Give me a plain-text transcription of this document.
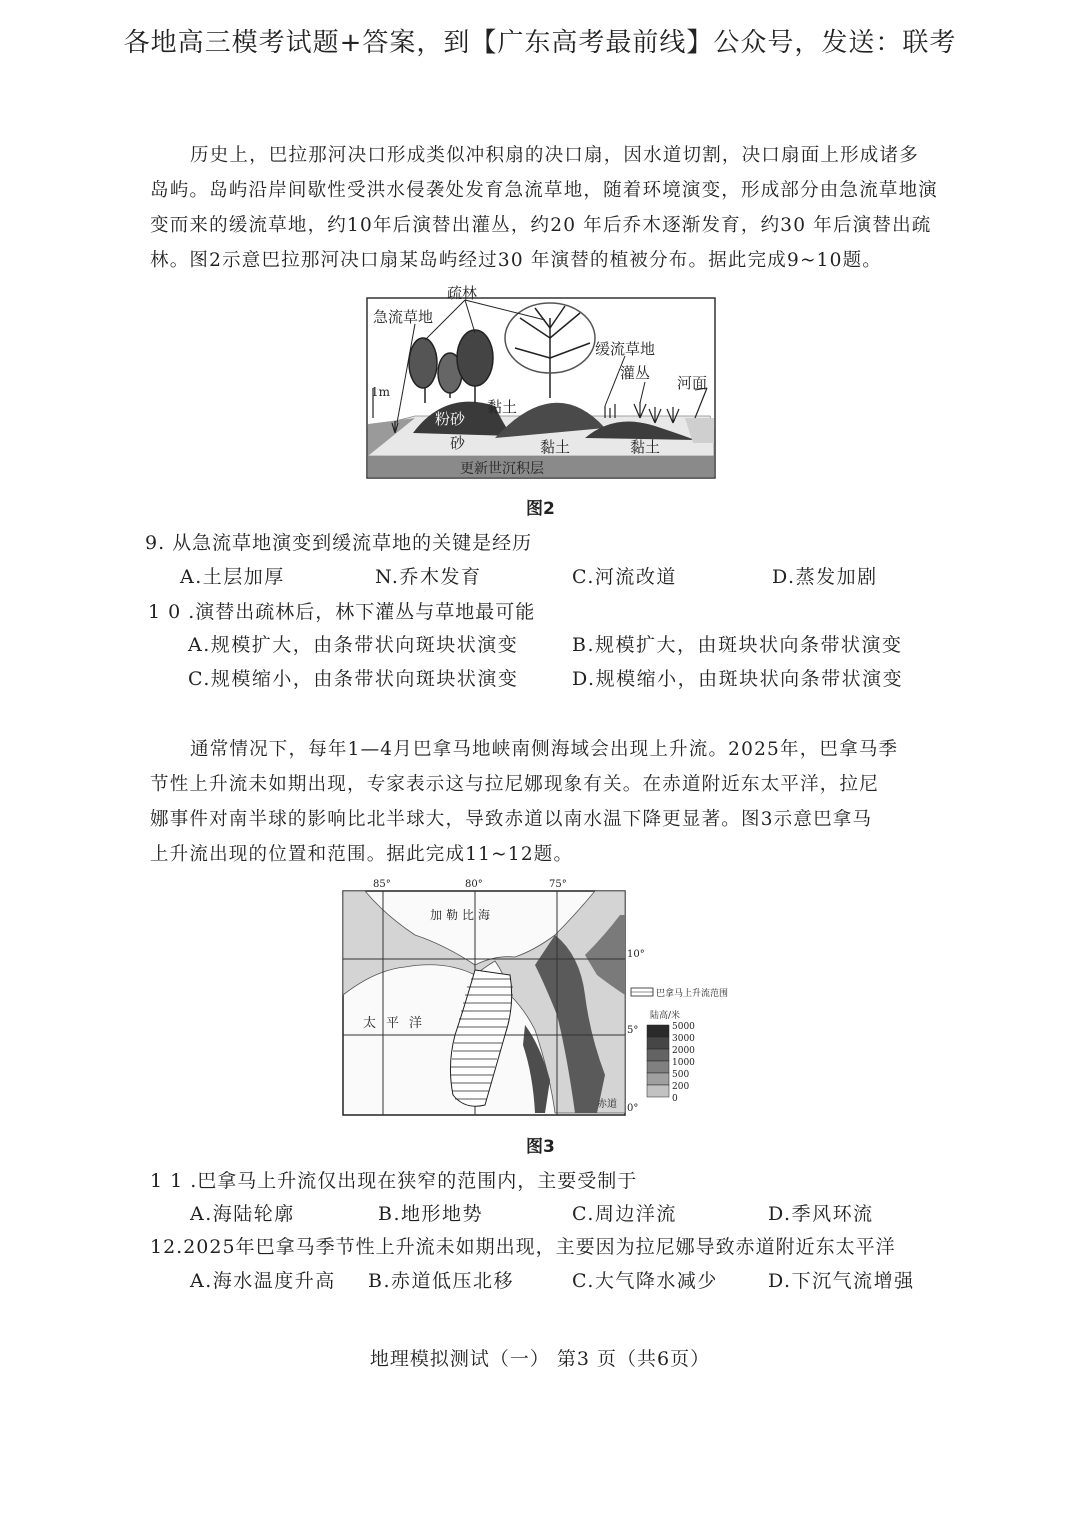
各地高三模考试题+答案，到【广东高考最前线】公众号，发送：联考
历史上，巴拉那河决口形成类似冲积扇的决口扇，因水道切割，决口扇面上形成诸多
岛屿。岛屿沿岸间歇性受洪水侵袭处发育急流草地，随着环境演变，形成部分由急流草地演
变而来的缓流草地，约10年后演替出灌丛，约20 年后乔木逐渐发育，约30 年后演替出疏
林。图2示意巴拉那河决口扇某岛屿经过30 年演替的植被分布。据此完成9~10题。
1m
疏林
急流草地
缓流草地
灌丛
河面
粉砂
黏土
砂	黏土	黏土
更新世沉积层
图2
9. 从急流草地演变到缓流草地的关键是经历
A.土层加厚	N.乔木发育	C.河流改道	D.蒸发加剧
1 0 .演替出疏林后，林下灌丛与草地最可能
A.规模扩大，由条带状向斑块状演变	B.规模扩大，由斑块状向条带状演变
C.规模缩小，由条带状向斑块状演变	D.规模缩小，由斑块状向条带状演变
通常情况下，每年1—4月巴拿马地峡南侧海域会出现上升流。2025年，巴拿马季
节性上升流未如期出现，专家表示这与拉尼娜现象有关。在赤道附近东太平洋，拉尼
娜事件对南半球的影响比北半球大，导致赤道以南水温下降更显著。图3示意巴拿马
上升流出现的位置和范围。据此完成11~12题。
85°	80°	75°
10°
5°
0°
加勒比海
太平洋
赤道
巴拿马上升流范围
陆高/米
5000
3000
2000
1000
500
200
0
图3
1 1 .巴拿马上升流仅出现在狭窄的范围内，主要受制于
A.海陆轮廓	B.地形地势	C.周边洋流	D.季风环流
12.2025年巴拿马季节性上升流未如期出现，主要因为拉尼娜导致赤道附近东太平洋
A.海水温度升高 B.赤道低压北移	C.大气降水减少	D.下沉气流增强
地理模拟测试（一） 第3 页（共6页）
